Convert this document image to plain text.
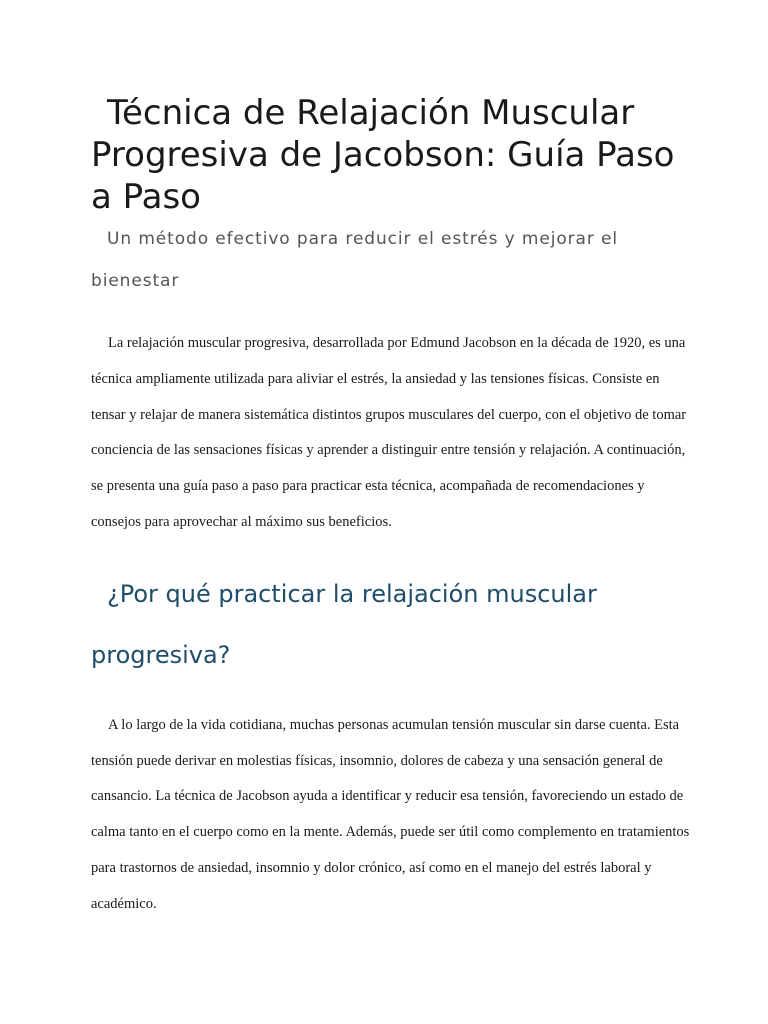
Técnica de Relajación Muscular Progresiva de Jacobson: Guía Paso a Paso

Un método efectivo para reducir el estrés y mejorar el bienestar

La relajación muscular progresiva, desarrollada por Edmund Jacobson en la década de 1920, es una técnica ampliamente utilizada para aliviar el estrés, la ansiedad y las tensiones físicas. Consiste en tensar y relajar de manera sistemática distintos grupos musculares del cuerpo, con el objetivo de tomar conciencia de las sensaciones físicas y aprender a distinguir entre tensión y relajación. A continuación, se presenta una guía paso a paso para practicar esta técnica, acompañada de recomendaciones y consejos para aprovechar al máximo sus beneficios.

¿Por qué practicar la relajación muscular progresiva?

A lo largo de la vida cotidiana, muchas personas acumulan tensión muscular sin darse cuenta. Esta tensión puede derivar en molestias físicas, insomnio, dolores de cabeza y una sensación general de cansancio. La técnica de Jacobson ayuda a identificar y reducir esa tensión, favoreciendo un estado de calma tanto en el cuerpo como en la mente. Además, puede ser útil como complemento en tratamientos para trastornos de ansiedad, insomnio y dolor crónico, así como en el manejo del estrés laboral y académico.
